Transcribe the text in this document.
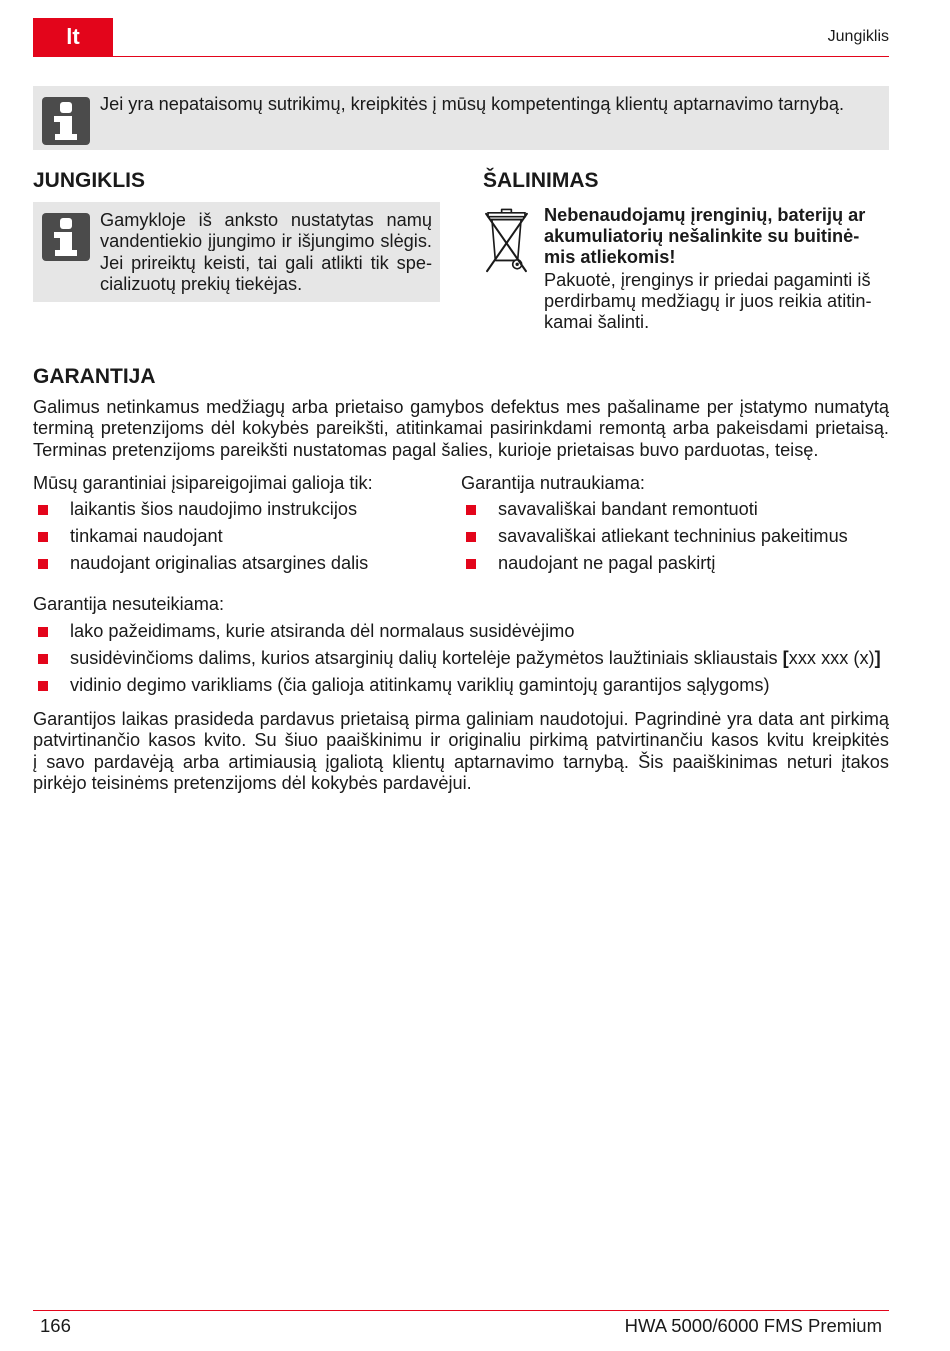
lt	Jungiklis
Jei yra nepataisomų sutrikimų, kreipkitės į mūsų kompetentingą klientų aptarnavimo tarnybą.
JUNGIKLIS
Gamykloje iš anksto nustatytas namų
vandentiekio įjungimo ir išjungimo slėgis.
Jei prireiktų keisti, tai gali atlikti tik spe-
cializuotų prekių tiekėjas.
ŠALINIMAS
Nebenaudojamų įrenginių, baterijų ar
akumuliatorių nešalinkite su buitinė-
mis atliekomis!
Pakuotė, įrenginys ir priedai pagaminti iš
perdirbamų medžiagų ir juos reikia atitin-
kamai šalinti.
GARANTIJA
Galimus netinkamus medžiagų arba prietaiso gamybos defektus mes pašaliname per įstatymo numatytą
terminą pretenzijoms dėl kokybės pareikšti, atitinkamai pasirinkdami remontą arba pakeisdami prietaisą.
Terminas pretenzijoms pareikšti nustatomas pagal šalies, kurioje prietaisas buvo parduotas, teisę.
Mūsų garantiniai įsipareigojimai galioja tik:
laikantis šios naudojimo instrukcijos
tinkamai naudojant
naudojant originalias atsargines dalis
Garantija nutraukiama:
savavališkai bandant remontuoti
savavališkai atliekant techninius pakeitimus
naudojant ne pagal paskirtį
Garantija nesuteikiama:
lako pažeidimams, kurie atsiranda dėl normalaus susidėvėjimo
susidėvinčioms dalims, kurios atsarginių dalių kortelėje pažymėtos laužtiniais skliaustais [xxx xxx (x)]
vidinio degimo varikliams (čia galioja atitinkamų variklių gamintojų garantijos sąlygoms)
Garantijos laikas prasideda pardavus prietaisą pirma galiniam naudotojui. Pagrindinė yra data ant pirkimą
patvirtinančio kasos kvito. Su šiuo paaiškinimu ir originaliu pirkimą patvirtinančiu kasos kvitu kreipkitės
į savo pardavėją arba artimiausią įgaliotą klientų aptarnavimo tarnybą. Šis paaiškinimas neturi įtakos
pirkėjo teisinėms pretenzijoms dėl kokybės pardavėjui.
166	HWA 5000/6000 FMS Premium
